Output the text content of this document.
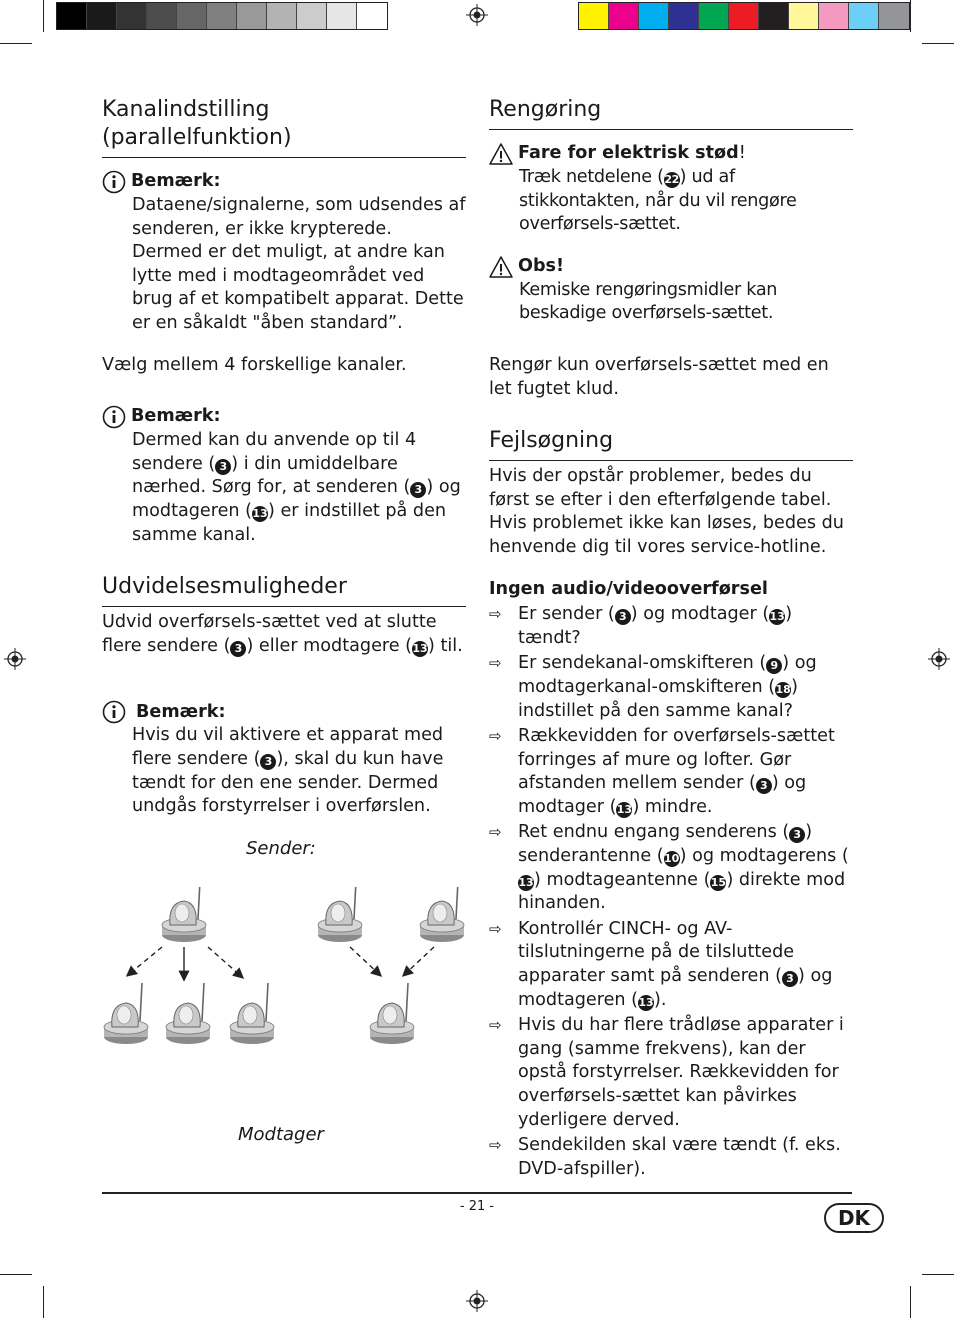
Kanalindstilling (parallelfunktion)
Bemærk:

Dataene/signalerne, som udsendes af senderen, er ikke krypterede. Dermed er det muligt, at andre kan lytte med i modtageområdet ved brug af et kompatibelt apparat. Dette er en såkaldt "åben standard”.

Vælg mellem 4 forskellige kanaler.

Bemærk:

Dermed kan du anvende op til 4 sendere ( 3 ) i din umiddelbare nærhed. Sørg for, at senderen ( 3 ) og modtageren (13) er indstillet på den samme kanal.

Udvidelsesmuligheder

Udvid overførsels-sættet ved at slutte flere sendere ( 3 ) eller modtagere (13) til.

Bemærk:

Hvis du vil aktivere et apparat med flere sendere ( 3 ), skal du kun have tændt for den ene sender. Dermed undgås forstyrrelser i overførslen.

Sender:
Modtager
Rengøring
Fare for elektrisk stød !

Træk netdelene (22) ud af stikkontakten, når du vil rengøre overførsels-sættet.

Obs!

Kemiske rengøringsmidler kan beskadige overførsels-sættet.

Rengør kun overførsels-sættet med en let fugtet klud.

Fejlsøgning

Hvis der opstår problemer, bedes du først se efter i den efterfølgende tabel. Hvis problemet ikke kan løses, bedes du henvende dig til vores service-hotline.

Ingen audio/videooverførsel
⇨ Er sender ( 3 ) og modtager (13) tændt?
⇨ Er sendekanal-omskifteren ( 9 ) og modtagerkanal-omskifteren (18) indstillet på den samme kanal?
⇨ Rækkevidden for overførsels-sættet forringes af mure og lofter. Gør afstanden mellem sender ( 3 ) og modtager (13) mindre.
⇨ Ret endnu engang senderens ( 3 ) senderantenne (10) og modtagerens (13) modtageantenne (15) direkte mod hinanden.
⇨ Kontrollér CINCH- og AV-tilslutningerne på de tilsluttede apparater samt på senderen ( 3 ) og modtageren (13).
⇨ Hvis du har flere trådløse apparater i gang (samme frekvens), kan der opstå forstyrrelser. Rækkevidden for overførsels-sættet kan påvirkes yderligere derved.
⇨ Sendekilden skal være tændt (f. eks. DVD-afspiller).
- 21 -	DK
